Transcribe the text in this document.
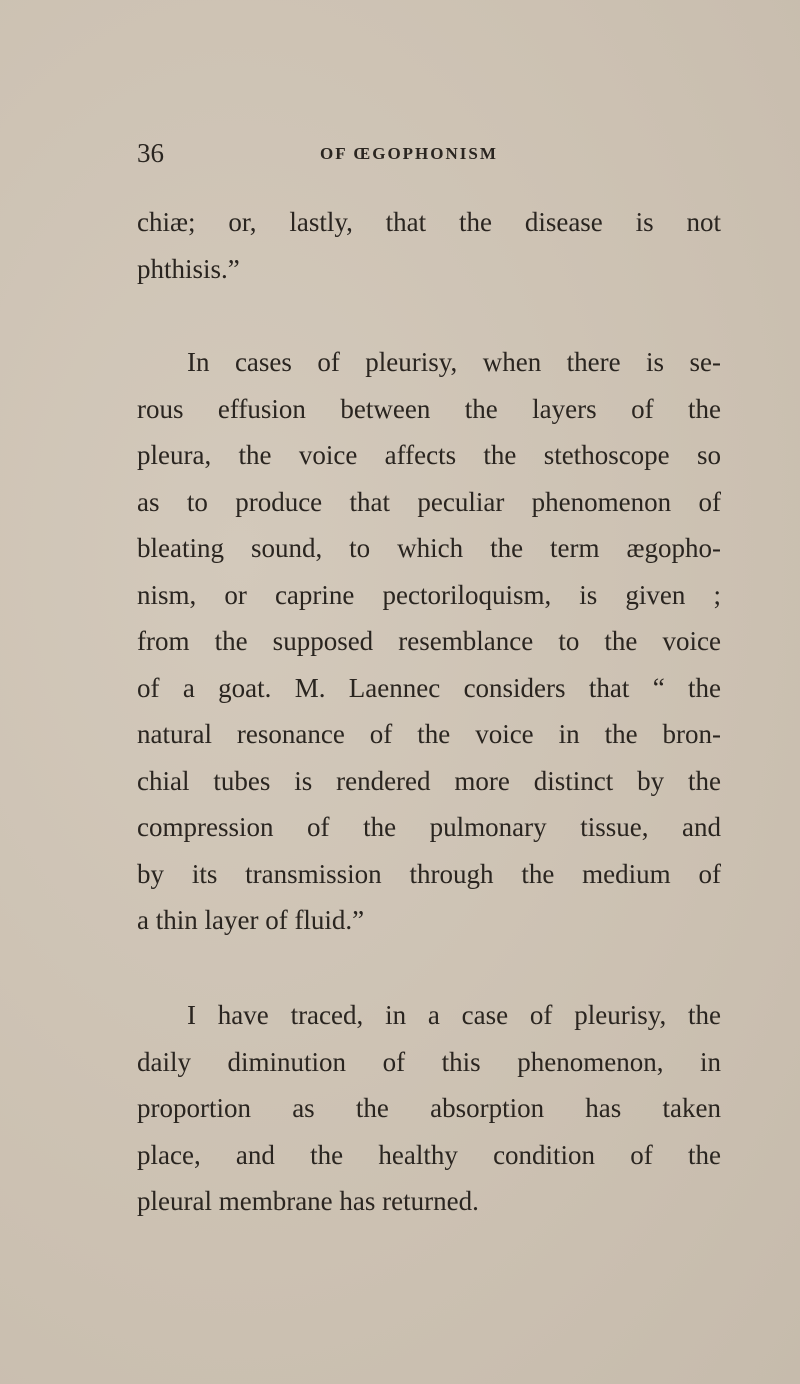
36	OF ŒGOPHONISM
chiæ; or, lastly, that the disease is not
phthisis.”
In cases of pleurisy, when there is se-
rous effusion between the layers of the
pleura, the voice affects the stethoscope so
as to produce that peculiar phenomenon of
bleating sound, to which the term ægopho-
nism, or caprine pectoriloquism, is given ;
from the supposed resemblance to the voice
of a goat. M. Laennec considers that “ the
natural resonance of the voice in the bron-
chial tubes is rendered more distinct by the
compression of the pulmonary tissue, and
by its transmission through the medium of
a thin layer of fluid.”
I have traced, in a case of pleurisy, the
daily diminution of this phenomenon, in
proportion as the absorption has taken
place, and the healthy condition of the
pleural membrane has returned.
